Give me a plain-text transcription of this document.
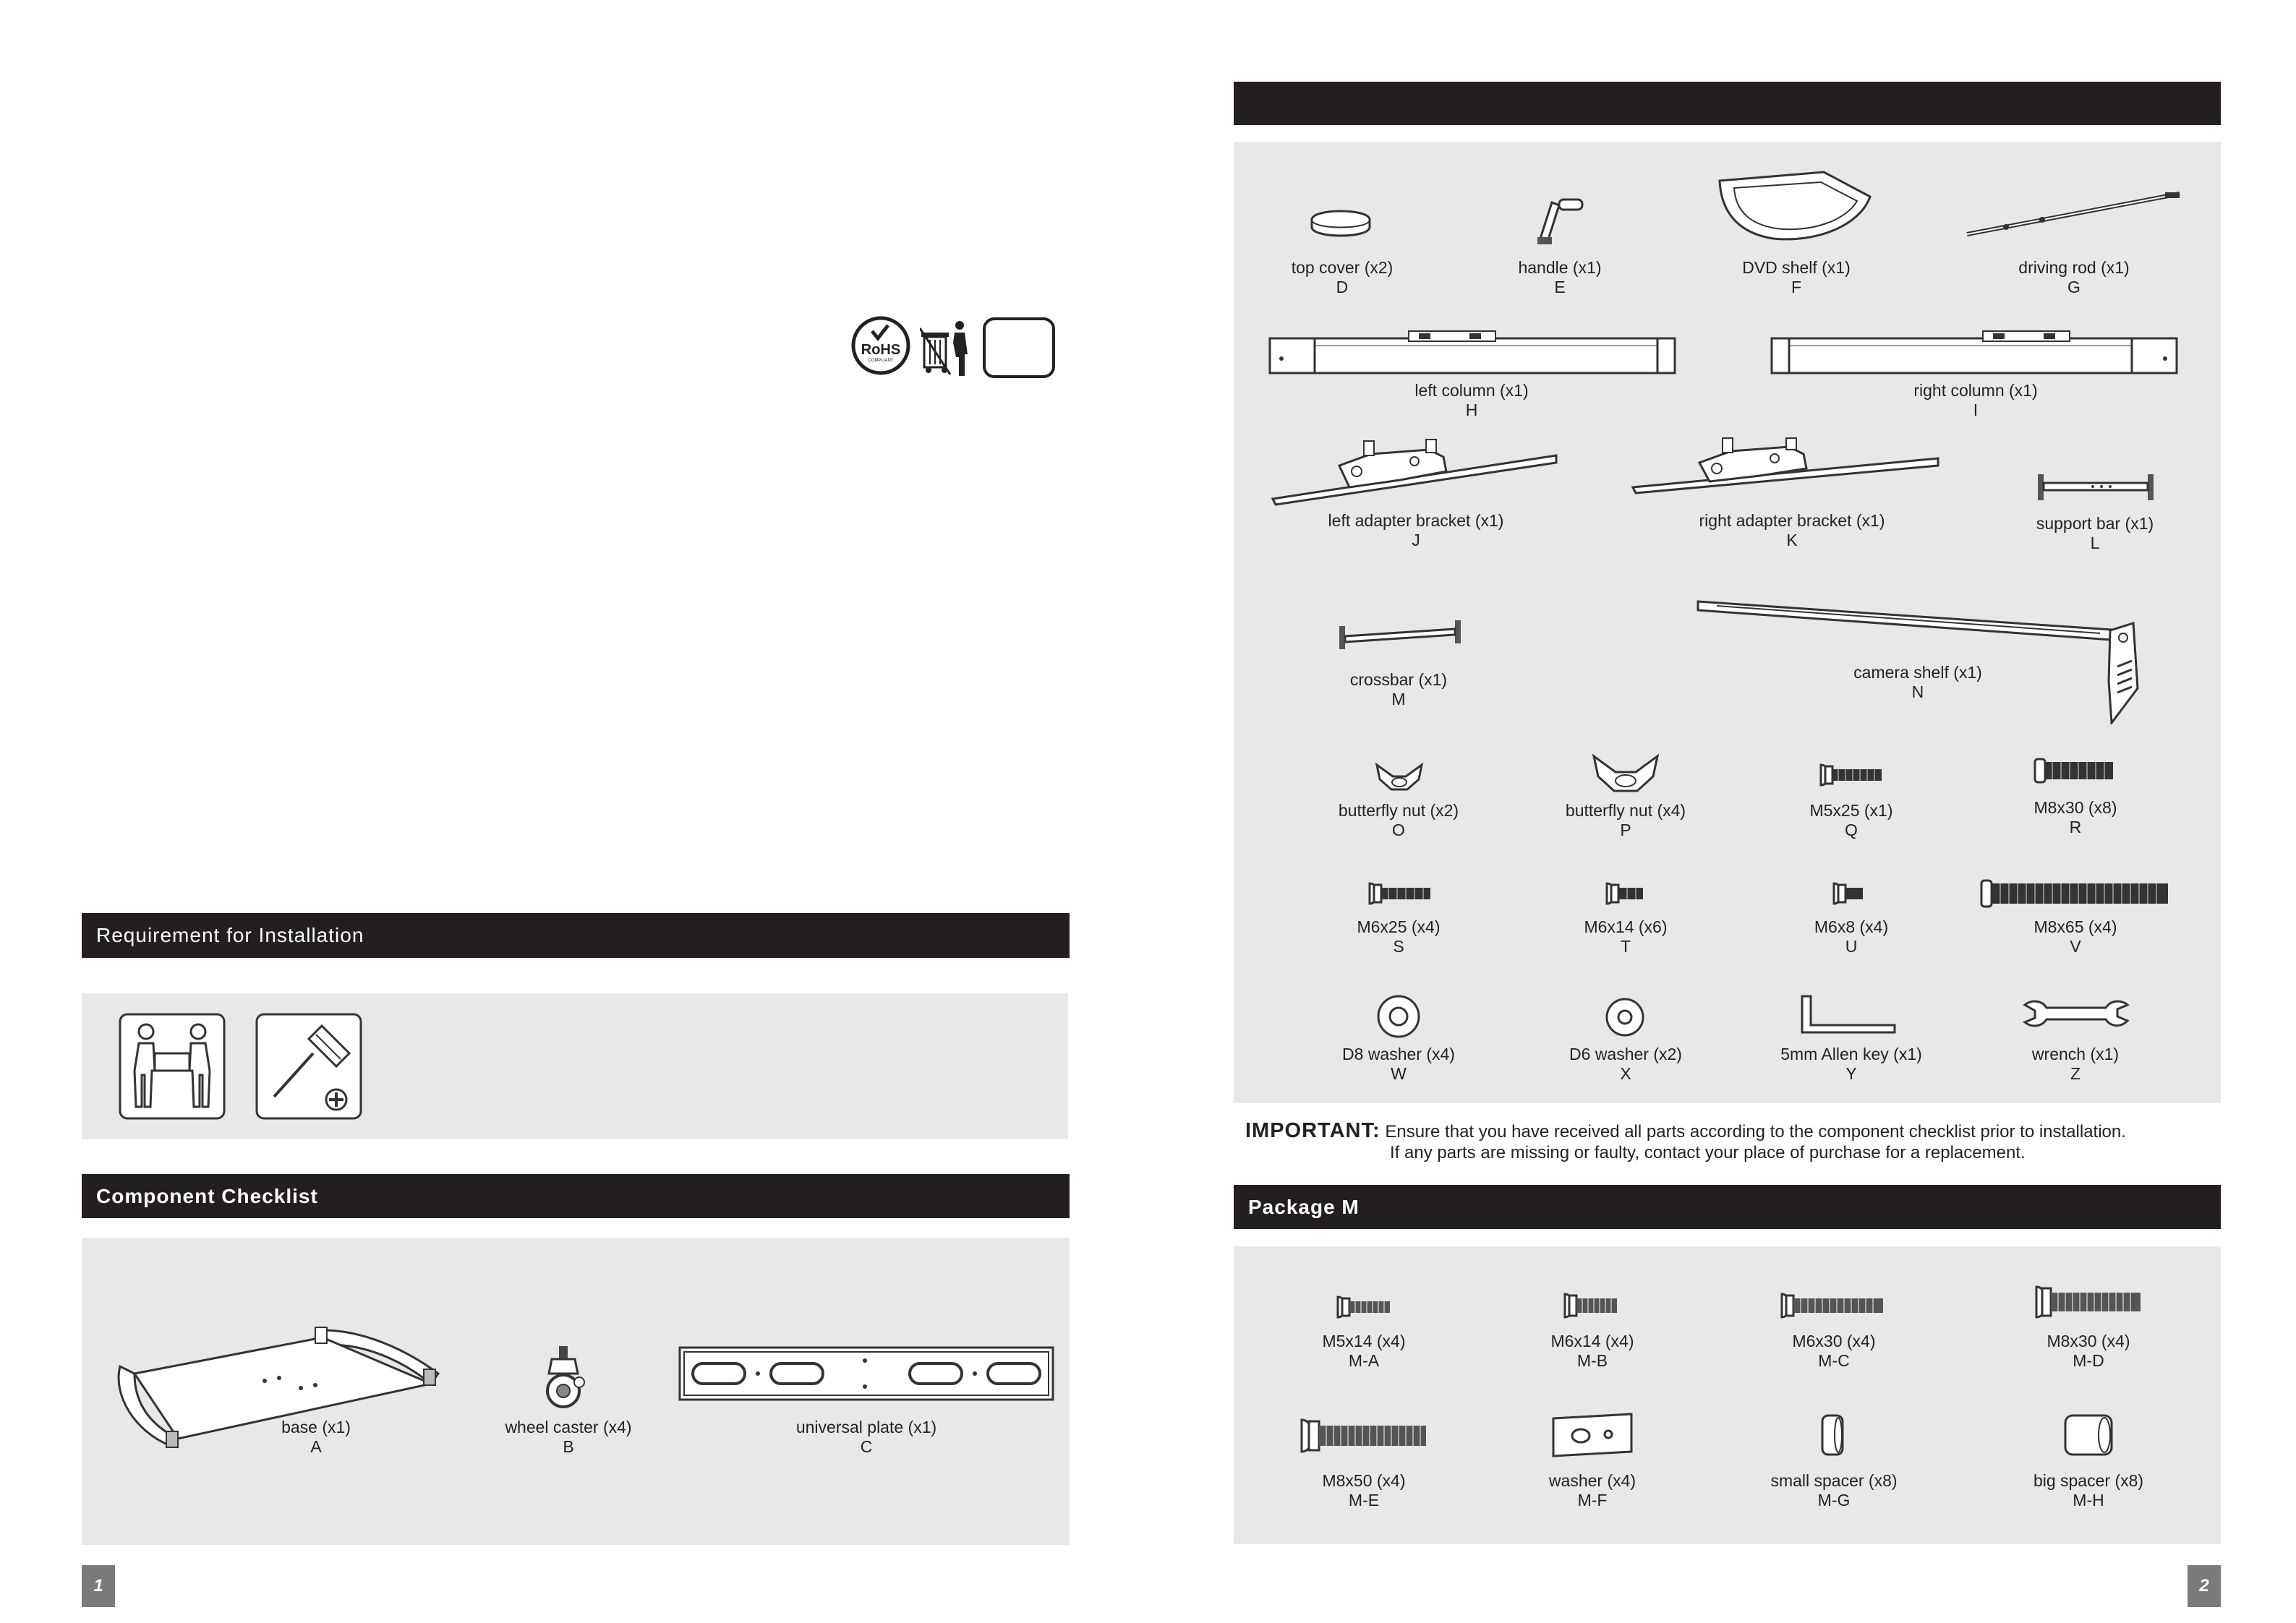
RoHS
COMPLIANT
Requirement for Installation
Component Checklist
base (x1)
A
wheel caster (x4)
B
universal plate (x1)
C
1
top cover (x2)
D
handle (x1)
E
DVD shelf (x1)
F
driving rod (x1)
G
left column (x1)
H
right column (x1)
I
left adapter bracket (x1)
J
right adapter bracket (x1)
K
support bar (x1)
L
crossbar (x1)
M
camera shelf (x1)
N
butterfly nut (x2)
O
butterfly nut (x4)
P
M5x25 (x1)
Q
M8x30 (x8)
R
M6x25 (x4)
S
M6x14 (x6)
T
M6x8 (x4)
U
M8x65 (x4)
V
D8 washer (x4)
W
D6 washer (x2)
X
5mm Allen key (x1)
Y
wrench (x1)
Z
IMPORTANT: Ensure that you have received all parts according to the component checklist prior to installation.
If any parts are missing or faulty, contact your place of purchase for a replacement.
Package M
M5x14 (x4)
M-A
M6x14 (x4)
M-B
M6x30 (x4)
M-C
M8x30 (x4)
M-D
M8x50 (x4)
M-E
washer (x4)
M-F
small spacer (x8)
M-G
big spacer (x8)
M-H
2
